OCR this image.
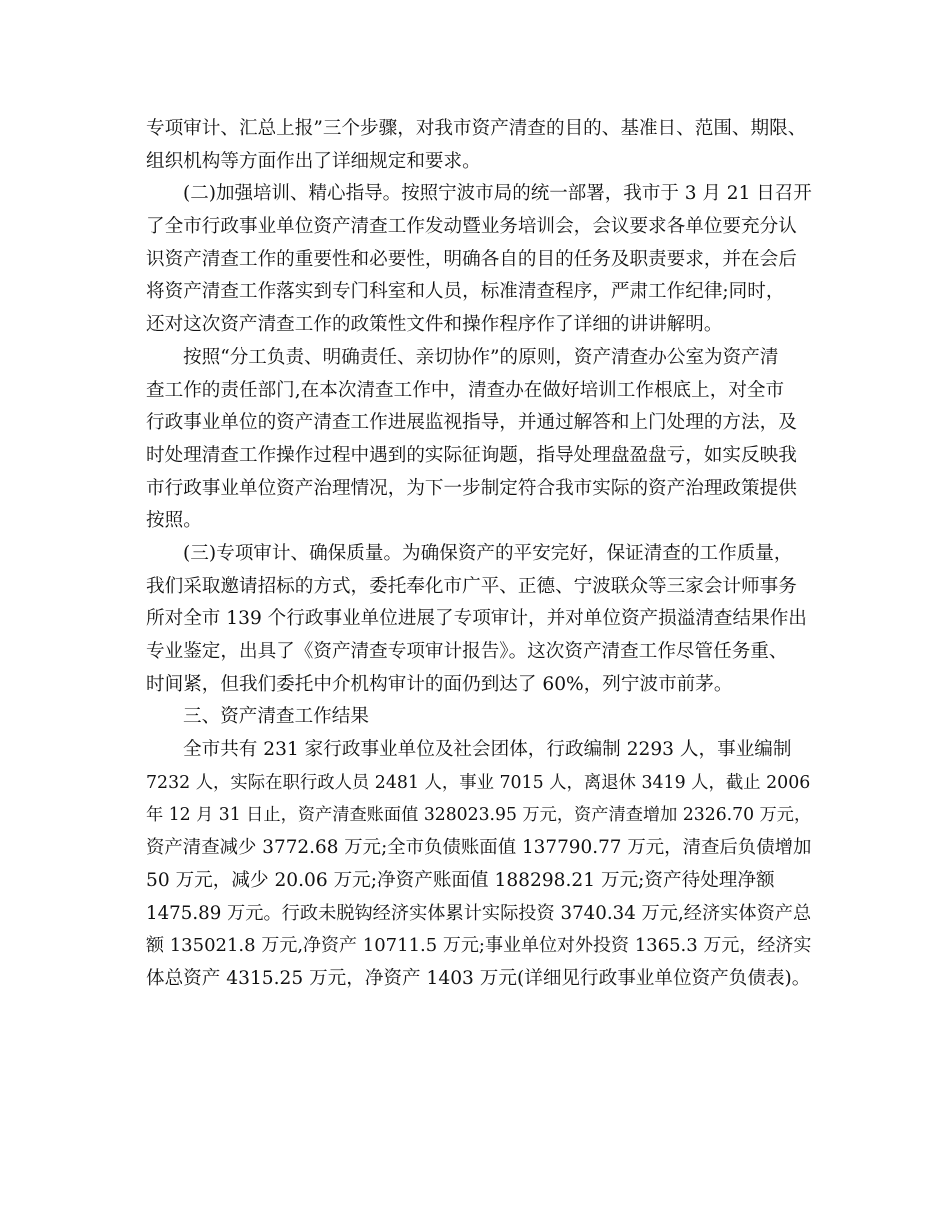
专项审计、汇总上报”三个步骤，对我市资产清查的目的、基准日、范围、期限、
组织机构等方面作出了详细规定和要求。
(二)加强培训、精心指导。按照宁波市局的统一部署，我市于 3 月 21 日召开
了全市行政事业单位资产清查工作发动暨业务培训会，会议要求各单位要充分认
识资产清查工作的重要性和必要性，明确各自的目的任务及职责要求，并在会后
将资产清查工作落实到专门科室和人员，标准清查程序，严肃工作纪律;同时，
还对这次资产清查工作的政策性文件和操作程序作了详细的讲讲解明。
按照“分工负责、明确责任、亲切协作”的原则，资产清查办公室为资产清
查工作的责任部门,在本次清查工作中，清查办在做好培训工作根底上，对全市
行政事业单位的资产清查工作进展监视指导，并通过解答和上门处理的方法，及
时处理清查工作操作过程中遇到的实际征询题，指导处理盘盈盘亏，如实反映我
市行政事业单位资产治理情况，为下一步制定符合我市实际的资产治理政策提供
按照。
(三)专项审计、确保质量。为确保资产的平安完好，保证清查的工作质量，
我们采取邀请招标的方式，委托奉化市广平、正德、宁波联众等三家会计师事务
所对全市 139 个行政事业单位进展了专项审计，并对单位资产损溢清查结果作出
专业鉴定，出具了《资产清查专项审计报告》。这次资产清查工作尽管任务重、
时间紧，但我们委托中介机构审计的面仍到达了 60%，列宁波市前茅。
三、资产清查工作结果
全市共有 231 家行政事业单位及社会团体，行政编制 2293 人，事业编制
7232 人，实际在职行政人员 2481 人，事业 7015 人，离退休 3419 人，截止 2006
年 12 月 31 日止，资产清查账面值 328023.95 万元，资产清查增加 2326.70 万元，
资产清查减少 3772.68 万元;全市负债账面值 137790.77 万元，清查后负债增加
50 万元，减少 20.06 万元;净资产账面值 188298.21 万元;资产待处理净额
1475.89 万元。行政未脱钩经济实体累计实际投资 3740.34 万元,经济实体资产总
额 135021.8 万元,净资产 10711.5 万元;事业单位对外投资 1365.3 万元，经济实
体总资产 4315.25 万元，净资产 1403 万元(详细见行政事业单位资产负债表)。
